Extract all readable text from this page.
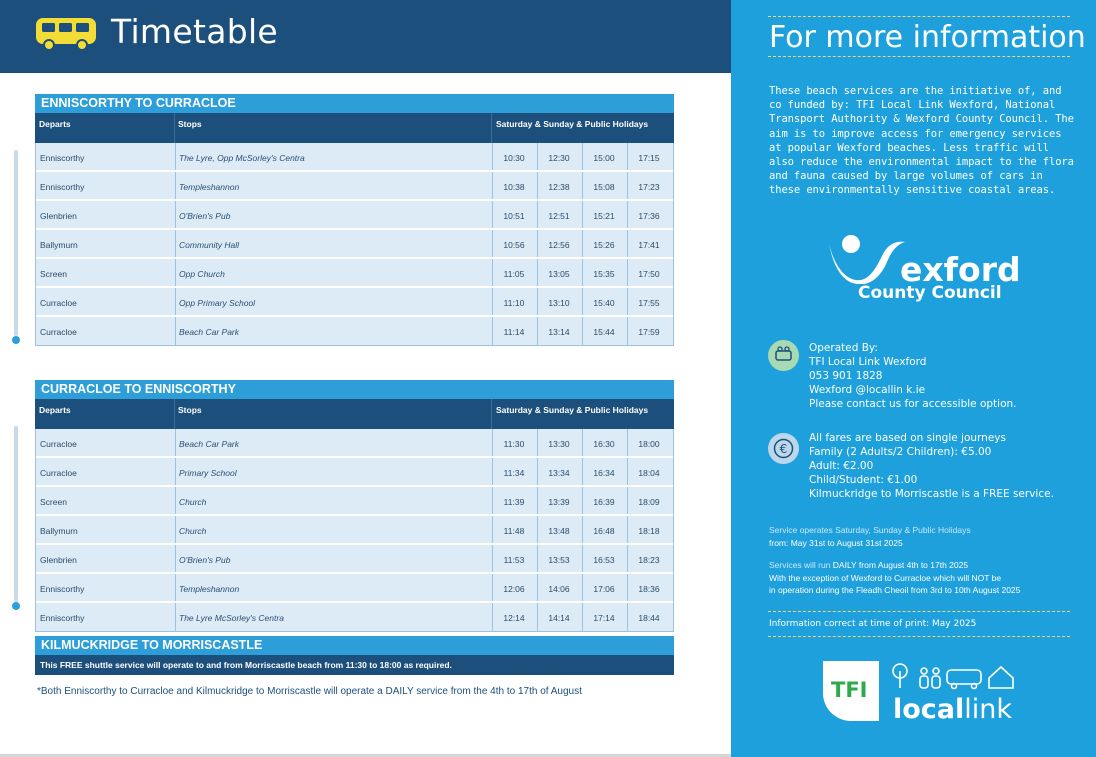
Timetable
ENNISCORTHY TO CURRACLOE
Departs	Stops	Saturday & Sunday & Public Holidays
Enniscorthy	The Lyre, Opp McSorley's Centra	10:30	12:30	15:00	17:15
Enniscorthy	Templeshannon	10:38	12:38	15:08	17:23
Glenbrien	O'Brien's Pub	10:51	12:51	15:21	17:36
Ballymurn	Community Hall	10:56	12:56	15:26	17:41
Screen	Opp Church	11:05	13:05	15:35	17:50
Curracloe	Opp Primary School	11:10	13:10	15:40	17:55
Curracloe	Beach Car Park	11:14	13:14	15:44	17:59
CURRACLOE TO ENNISCORTHY
Departs	Stops	Saturday & Sunday & Public Holidays
Curracloe	Beach Car Park	11:30	13:30	16:30	18:00
Curracloe	Primary School	11:34	13:34	16:34	18:04
Screen	Church	11:39	13:39	16:39	18:09
Ballymurn	Church	11:48	13:48	16:48	18:18
Glenbrien	O'Brien's Pub	11:53	13:53	16:53	18:23
Enniscorthy	Templeshannon	12:06	14:06	17:06	18:36
Enniscorthy	The Lyre McSorley's Centra	12:14	14:14	17:14	18:44
KILMUCKRIDGE TO MORRISCASTLE
This FREE shuttle service will operate to and from Morriscastle beach from 11:30 to 18:00 as required.
*Both Enniscorthy to Curracloe and Kilmuckridge to Morriscastle will operate a DAILY service from the 4th to 17th of August
For more information
These beach services are the initiative of, and co funded by: TFI Local Link Wexford, National Transport Authority & Wexford County Council. The aim is to improve access for emergency services at popular Wexford beaches. Less traffic will also reduce the environmental impact to the flora and fauna caused by large volumes of cars in these environmentally sensitive coastal areas.
exford
County Council
Operated By:
TFI Local Link Wexford
053 901 1828
Wexford @locallin k.ie
Please contact us for accessible option.
€
All fares are based on single journeys
Family (2 Adults/2 Children): €5.00
Adult: €2.00
Child/Student: €1.00
Kilmuckridge to Morriscastle is a FREE service.
Service operates Saturday, Sunday & Public Holidays
from: May 31st to August 31st 2025
Services will run DAILY from August 4th to 17th 2025
With the exception of Wexford to Curracloe which will NOT be
in operation during the Fleadh Cheoil from 3rd to 10th August 2025
Information correct at time of print: May 2025
TFI
locallink
